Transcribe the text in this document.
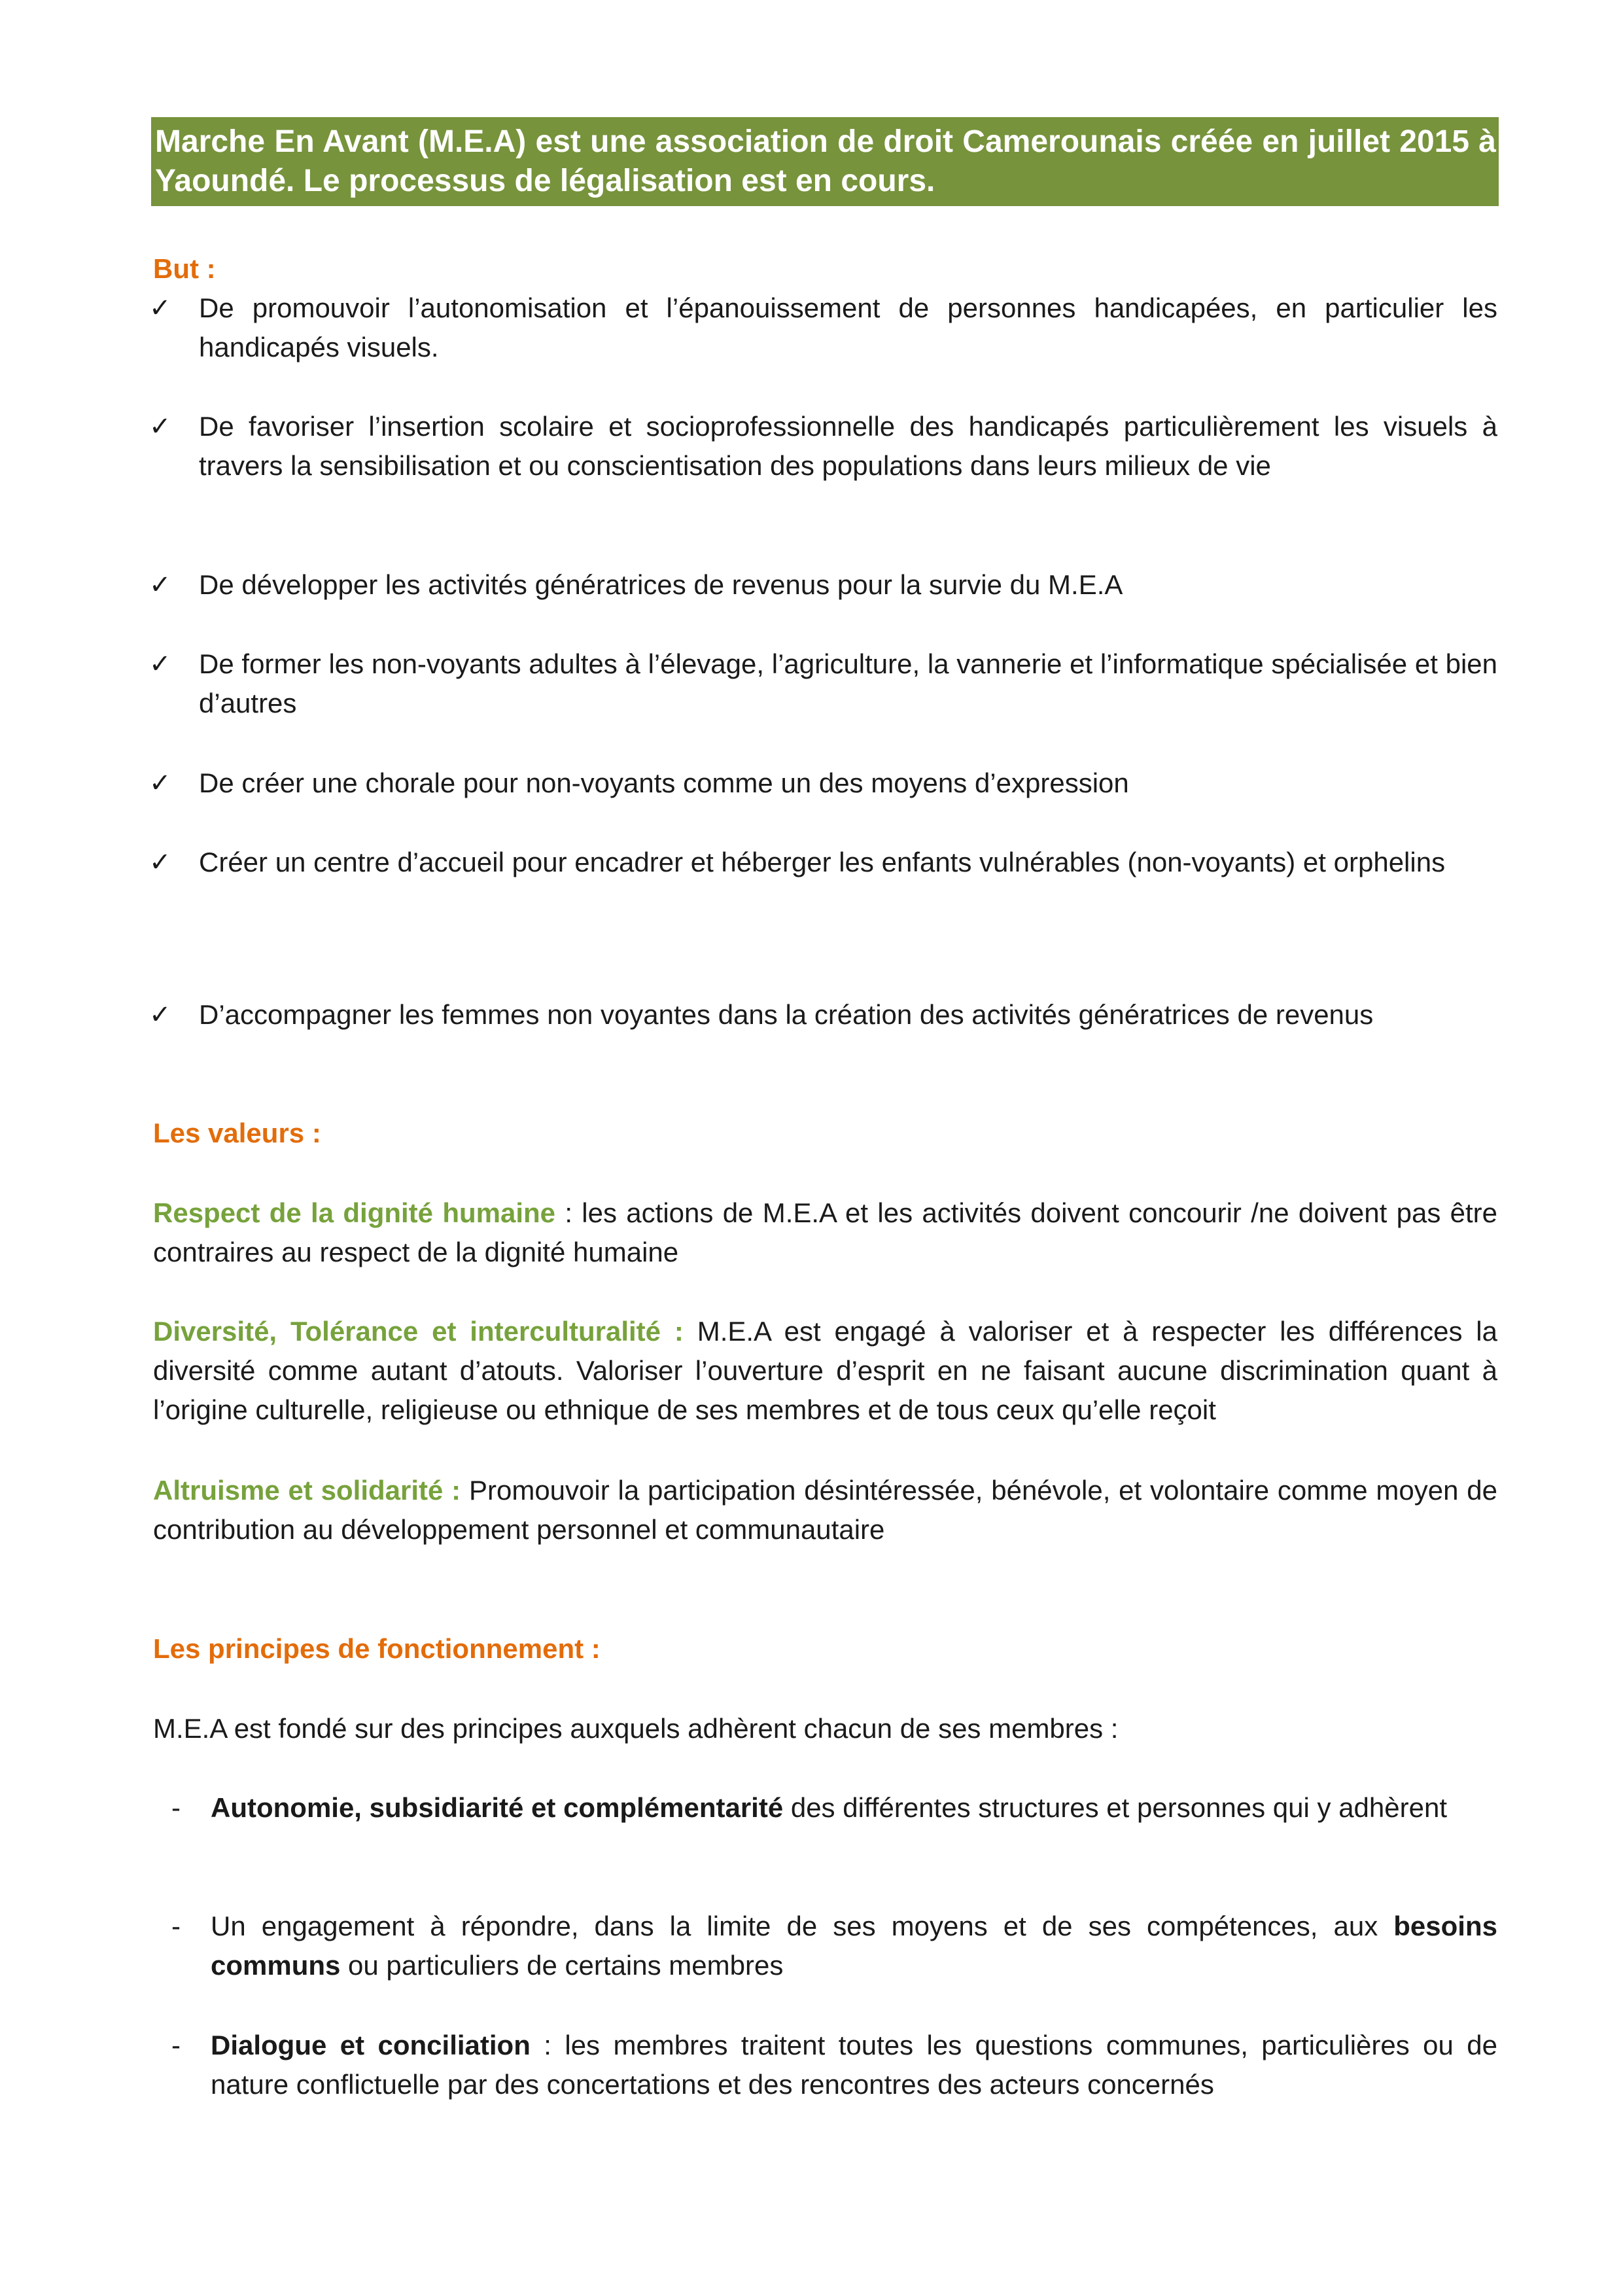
Marche En Avant (M.E.A) est une association de droit Camerounais créée en juillet 2015 à Yaoundé. Le processus de légalisation est en cours.
But :
✓ De promouvoir l’autonomisation et l’épanouissement de personnes handicapées, en particulier les handicapés visuels.
✓ De favoriser l’insertion scolaire et socioprofessionnelle des handicapés particulièrement les visuels à travers la sensibilisation et ou conscientisation des populations dans leurs milieux de vie
✓ De développer les activités génératrices de revenus pour la survie du M.E.A
✓ De former les non-voyants adultes à l’élevage, l’agriculture, la vannerie et l’informatique spécialisée et bien d’autres
✓ De créer une chorale pour non-voyants comme un des moyens d’expression
✓ Créer un centre d’accueil pour encadrer et héberger les enfants vulnérables (non-voyants) et orphelins
✓ D’accompagner les femmes non voyantes dans la création des activités génératrices de revenus
Les valeurs :

Respect de la dignité humaine : les actions de M.E.A et les activités doivent concourir /ne doivent pas être contraires au respect de la dignité humaine

Diversité, Tolérance et interculturalité : M.E.A est engagé à valoriser et à respecter les différences la diversité comme autant d’atouts. Valoriser l’ouverture d’esprit en ne faisant aucune discrimination quant à l’origine culturelle, religieuse ou ethnique de ses membres et de tous ceux qu’elle reçoit

Altruisme et solidarité : Promouvoir la participation désintéressée, bénévole, et volontaire comme moyen de contribution au développement personnel et communautaire

Les principes de fonctionnement :

M.E.A est fondé sur des principes auxquels adhèrent chacun de ses membres :

- Autonomie, subsidiarité et complémentarité des différentes structures et personnes qui y adhèrent
- Un engagement à répondre, dans la limite de ses moyens et de ses compétences, aux besoins communs ou particuliers de certains membres
- Dialogue et conciliation : les membres traitent toutes les questions communes, particulières ou de nature conflictuelle par des concertations et des rencontres des acteurs concernés
